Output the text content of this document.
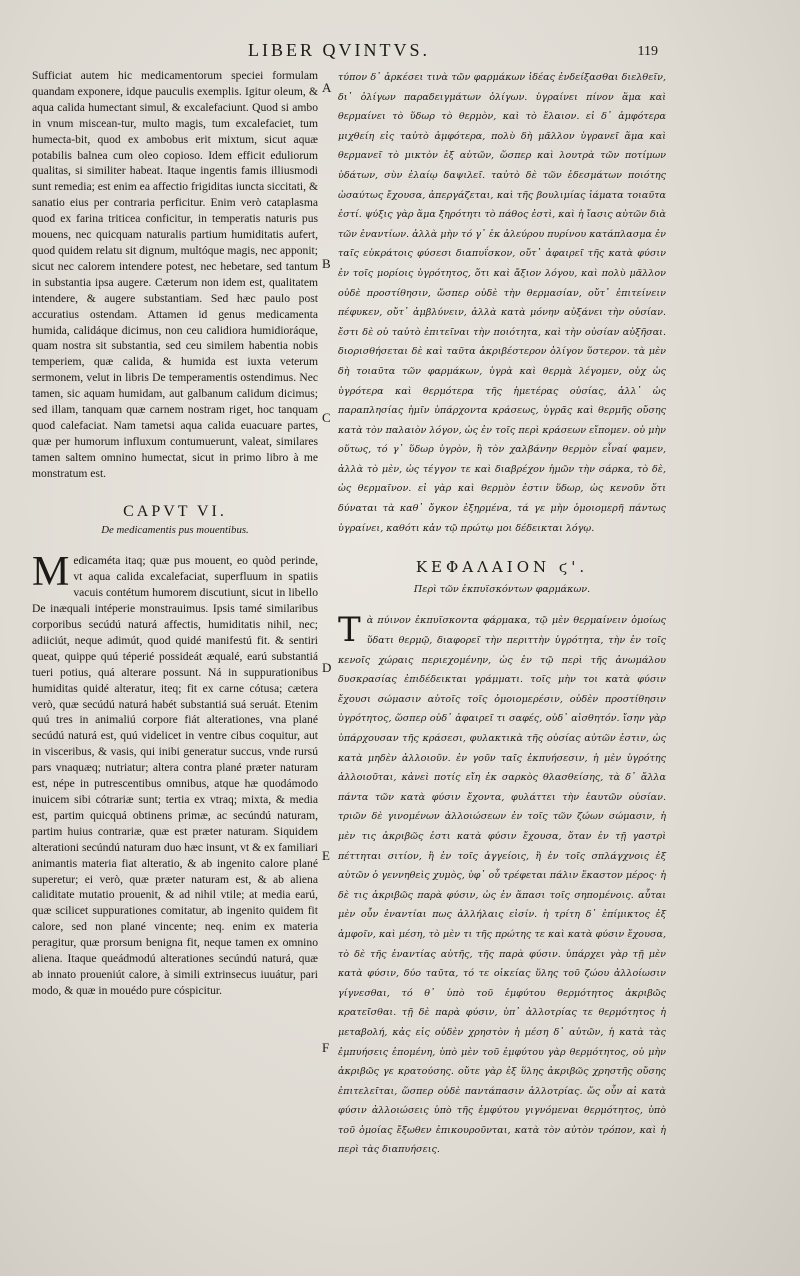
LIBER QVINTVS.	119

Sufficiat autem hic medicamentorum speciei formulam quandam exponere, idque pauculis exemplis. Igitur oleum, & aqua calida humectant simul, & excalefaciunt. Quod si ambo in vnum miscean-tur, multo magis, tum excalefaciet, tum humecta-bit, quod ex ambobus erit mixtum, sicut aquæ potabilis balnea cum oleo copioso. Idem efficit eduliorum qualitas, si similiter habeat. Itaque ingentis famis illiusmodi sunt remedia; est enim ea affectio frigiditas iuncta siccitati, & sanatio eius per contraria perficitur. Enim verò cataplasma quod ex farina triticea conficitur, in temperatis naturis pus mouens, nec quicquam naturalis partium humiditatis aufert, quod quidem relatu sit dignum, multóque magis, nec apponit; sicut nec calorem intendere potest, nec hebetare, sed tantum in substantia ipsa augere. Cæterum non idem est, qualitatem intendere, & augere substantiam. Sed hæc paulo post accuratius ostendam. Attamen id genus medicamenta humida, calidáque dicimus, non ceu calidiora humidioráque, quam nostra sit substantia, sed ceu similem habentia nobis temperiem, quæ calida, & humida est iuxta veterum sermonem, velut in libris De temperamentis ostendimus. Nec tamen, sic aquam humidam, aut galbanum calidum dicimus; sed illam, tanquam quæ carnem nostram riget, hoc tanquam quod calefaciat. Nam tametsi aqua calida euacuare partes, quæ per humorum influxum contumuerunt, valeat, similares tamen saltem omnino humectat, sicut in primo libro à me monstratum est.

CAPVT VI.
De medicamentis pus mouentibus.

Medicaméta itaq; quæ pus mouent, eo quòd perinde, vt aqua calida excalefaciat, superfluum in spatiis vacuis contétum humorem discutiunt, sicut in libello De inæquali intéperie monstrauimus. Ipsis tamé similaribus corporibus secúdú naturá affectis, humiditatis nihil, nec; adiiciút, neque adimút, quod quidé manifestú fit. & sentiri queat, quippe quú téperié possideát æqualé, earú substantiá tueri potius, quá alterare possunt. Ná in suppurationibus humiditas quidé alteratur, iteq; fit ex carne cótusa; cætera verò, quæ secúdú naturá habét substantiá suá seruát. Etenim quú tres in animaliú corpore fiát alterationes, vna plané secúdú naturá est, quú videlicet in ventre cibus coquitur, aut in visceribus, & vasis, qui inibi generatur succus, vnde rursú pars vnaquæq; nutriatur; altera contra plané præter naturam est, népe in putrescentibus omnibus, atque hæ quodámodo inuicem sibi cótrariæ sunt; tertia ex vtraq; mixta, & media est, partim quicquá obtinens primæ, ac secúndú naturam, partim huius contrariæ, quæ est præter naturam. Siquidem alterationi secúndú naturam duo hæc insunt, vt & ex familiari animantis materia fiat alteratio, & ab ingenito calore plané superetur; ei verò, quæ præter naturam est, & ab aliena caliditate mutatio prouenit, & ad nihil vtile; at media earú, quæ scilicet suppurationes comitatur, ab ingenito quidem fit calore, sed non plané vincente; neq. enim ex materia peragitur, quæ prorsum benigna fit, neque tamen ex omnino aliena. Itaque queádmodú alterationes secúndú naturá, quæ ab innato proueniút calore, à simili extrinsecus iuuátur, pari modo, & quæ in mouédo pure cóspicitur.

A
B
C
D
E
F

τύπον δ᾽ ἀρκέσει τινὰ τῶν φαρμάκων ἰδέας ἐνδείξασθαι διελθεῖν, δι᾽ ὀλίγων παραδειγμάτων ὀλίγων. ὑγραίνει πίνον ἅμα καὶ θερμαίνει τὸ ὕδωρ τὸ θερμὸν, καὶ τὸ ἔλαιον. εἰ δ᾽ ἀμφότερα μιχθείη εἰς ταὐτὸ ἀμφότερα, πολὺ δὴ μᾶλλον ὑγρανεῖ ἅμα καὶ θερμανεῖ τὸ μικτὸν ἐξ αὐτῶν, ὥσπερ καὶ λουτρὰ τῶν ποτίμων ὑδάτων, σὺν ἐλαίῳ δαψιλεῖ. ταὐτὸ δὲ τῶν ἐδεσμάτων ποιότης ὡσαύτως ἔχουσα, ἀπεργάζεται, καὶ τῆς βουλιμίας ἰάματα τοιαῦτα ἐστί. ψύξις γὰρ ἅμα ξηρότητι τὸ πάθος ἐστὶ, καὶ ἡ ἴασις αὐτῶν διὰ τῶν ἐναντίων. ἀλλὰ μὴν τό γ᾽ ἐκ ἀλεύρου πυρίνου κατάπλασμα ἐν ταῖς εὐκράτοις φύσεσι διαπυΐσκον, οὔτ᾽ ἀφαιρεῖ τῆς κατὰ φύσιν ἐν τοῖς μορίοις ὑγρότητος, ὅτι καὶ ἄξιον λόγου, καὶ πολὺ μᾶλλον οὐδὲ προστίθησιν, ὥσπερ οὐδὲ τὴν θερμασίαν, οὔτ᾽ ἐπιτείνειν πέφυκεν, οὔτ᾽ ἀμβλύνειν, ἀλλὰ κατὰ μόνην αὐξάνει τὴν οὐσίαν. ἔστι δὲ οὐ ταὐτὸ ἐπιτεῖναι τὴν ποιότητα, καὶ τὴν οὐσίαν αὐξῆσαι. διορισθήσεται δὲ καὶ ταῦτα ἀκριβέστερον ὀλίγον ὕστερον. τὰ μὲν δὴ τοιαῦτα τῶν φαρμάκων, ὑγρὰ καὶ θερμὰ λέγομεν, οὐχ ὡς ὑγρότερα καὶ θερμότερα τῆς ἡμετέρας οὐσίας, ἀλλ᾽ ὡς παραπλησίας ἡμῖν ὑπάρχοντα κράσεως, ὑγρᾶς καὶ θερμῆς οὔσης κατὰ τὸν παλαιὸν λόγον, ὡς ἐν τοῖς περὶ κράσεων εἴπομεν. οὐ μὴν οὕτως, τό γ᾽ ὕδωρ ὑγρὸν, ἢ τὸν χαλβάνην θερμὸν εἶναί φαμεν, ἀλλὰ τὸ μὲν, ὡς τέγγον τε καὶ διαβρέχον ἡμῶν τὴν σάρκα, τὸ δὲ, ὡς θερμαῖνον. εἰ γὰρ καὶ θερμὸν ἐστιν ὕδωρ, ὡς κενοῦν ὅτι δύναται τὰ καθ᾽ ὄγκον ἐξηρμένα, τά γε μὴν ὁμοιομερῆ πάντως ὑγραίνει, καθότι κἀν τῷ πρώτῳ μοι δέδεικται λόγῳ.

ΚΕΦΑΛΑΙΟΝ ϛ'.
Περὶ τῶν ἐκπυϊσκόντων φαρμάκων.

Τὰ πύινον ἐκπυϊσκοντα φάρμακα, τῷ μὲν θερμαίνειν ὁμοίως ὕδατι θερμῷ, διαφορεῖ τὴν περιττὴν ὑγρότητα, τὴν ἐν τοῖς κενοῖς χώραις περιεχομένην, ὡς ἐν τῷ περὶ τῆς ἀνωμάλου δυσκρασίας ἐπιδέδεικται γράμματι. τοῖς μὴν τοι κατὰ φύσιν ἔχουσι σώμασιν αὐτοῖς τοῖς ὁμοιομερέσιν, οὐδὲν προστίθησιν ὑγρότητος, ὥσπερ οὐδ᾽ ἀφαιρεῖ τι σαφές, οὐδ᾽ αἰσθητόν. ἴσην γὰρ ὑπάρχουσαν τῆς κράσεσι, φυλακτικὰ τῆς οὐσίας αὐτῶν ἐστιν, ὡς κατὰ μηδὲν ἀλλοιοῦν. ἐν γοῦν ταῖς ἐκπυήσεσιν, ἡ μὲν ὑγρότης ἀλλοιοῦται, κἀνεὶ ποτίς εἴη ἐκ σαρκὸς θλασθείσης, τὰ δ᾽ ἄλλα πάντα τῶν κατὰ φύσιν ἔχοντα, φυλάττει τὴν ἑαυτῶν οὐσίαν. τριῶν δὲ γινομένων ἀλλοιώσεων ἐν τοῖς τῶν ζώων σώμασιν, ἡ μὲν τις ἀκριβῶς ἐστι κατὰ φύσιν ἔχουσα, ὅταν ἐν τῇ γαστρὶ πέττηται σιτίον, ἢ ἐν τοῖς ἀγγείοις, ἢ ἐν τοῖς σπλάγχνοις ἐξ αὐτῶν ὁ γεννηθεὶς χυμὸς, ὑφ᾽ οὗ τρέφεται πάλιν ἕκαστον μέρος· ἡ δὲ τις ἀκριβῶς παρὰ φύσιν, ὡς ἐν ἅπασι τοῖς σηπομένοις. αὗται μὲν οὖν ἐναντίαι πως ἀλλήλαις εἰσίν. ἡ τρίτη δ᾽ ἐπίμικτος ἐξ ἀμφοῖν, καὶ μέση, τὸ μὲν τι τῆς πρώτης τε καὶ κατὰ φύσιν ἔχουσα, τὸ δὲ τῆς ἐναντίας αὐτῆς, τῆς παρὰ φύσιν. ὑπάρχει γὰρ τῇ μὲν κατὰ φύσιν, δύο ταῦτα, τό τε οἰκείας ὕλης τοῦ ζώου ἀλλοίωσιν γίγνεσθαι, τό θ᾽ ὑπὸ τοῦ ἐμφύτου θερμότητος ἀκριβῶς κρατεῖσθαι. τῇ δὲ παρὰ φύσιν, ὑπ᾽ ἀλλοτρίας τε θερμότητος ἡ μεταβολή, κἀς εἰς οὐδὲν χρηστὸν ἡ μέση δ᾽ αὐτῶν, ἡ κατὰ τὰς ἐμπυήσεις ἑπομένη, ὑπὸ μὲν τοῦ ἐμφύτου γὰρ θερμότητος, οὐ μὴν ἀκριβῶς γε κρατούσης. οὔτε γὰρ ἐξ ὕλης ἀκριβῶς χρηστῆς οὔσης ἐπιτελεῖται, ὥσπερ οὐδὲ παντάπασιν ἀλλοτρίας. ὥς οὖν αἱ κατὰ φύσιν ἀλλοιώσεις ὑπὸ τῆς ἐμφύτου γιγνόμεναι θερμότητος, ὑπὸ τοῦ ὁμοίας ἔξωθεν ἐπικουροῦνται, κατὰ τὸν αὐτὸν τρόπον, καὶ ἡ περὶ τὰς διαπυήσεις.
